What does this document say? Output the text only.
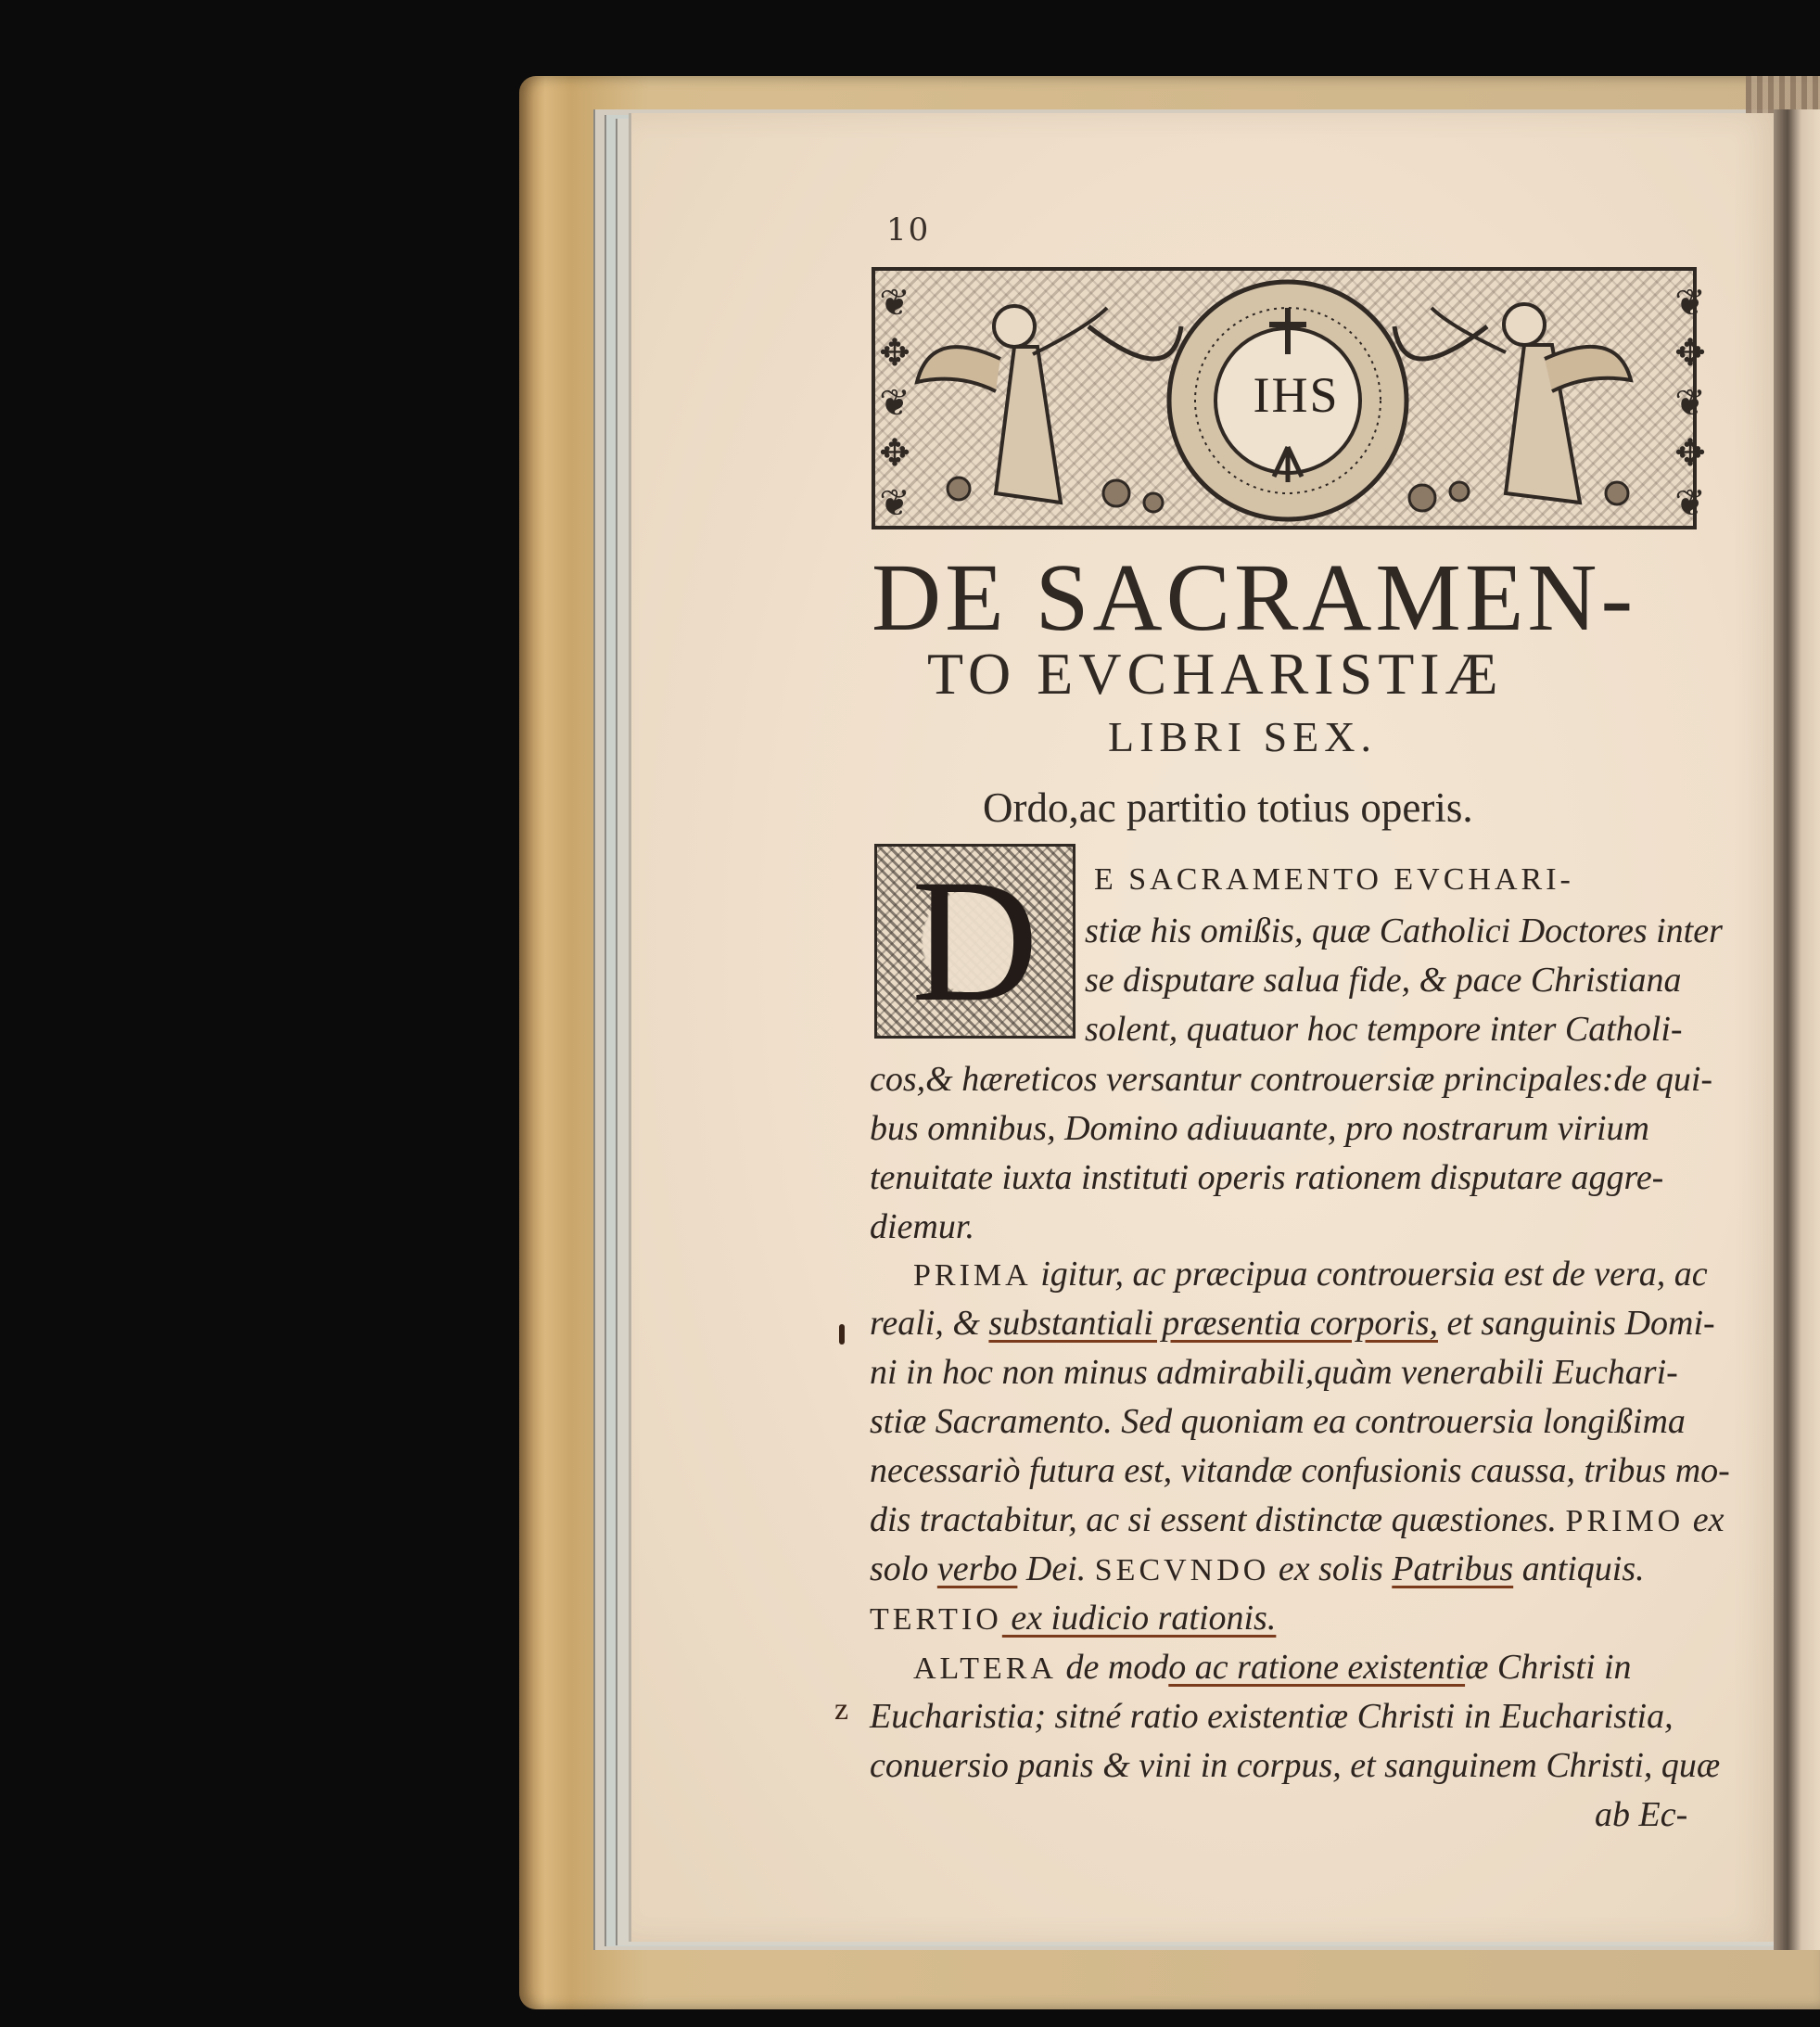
10
IHS
❦
✥
❦
✥
❦
❦
✥
❦
✥
❦
DE SACRAMEN-
TO EVCHARISTIÆ
LIBRI SEX.
Ordo,ac partitio totius operis.
D	E SACRAMENTO EVCHARI-
stiæ his omißis, quæ Catholici Doctores inter
se disputare salua fide, & pace Christiana
solent, quatuor hoc tempore inter Catholi-
cos,& hæreticos versantur controuersiæ principales:de qui-
bus omnibus, Domino adiuuante, pro nostrarum virium
tenuitate iuxta instituti operis rationem disputare aggre-
diemur.
PRIMA igitur, ac præcipua controuersia est de vera, ac
reali, & substantiali præsentia corporis, et sanguinis Domi-
ni in hoc non minus admirabili,quàm venerabili Euchari-
stiæ Sacramento. Sed quoniam ea controuersia longißima
necessariò futura est, vitandæ confusionis caussa, tribus mo-
dis tractabitur, ac si essent distinctæ quæstiones. PRIMO ex
solo verbo Dei. SECVNDO ex solis Patribus antiquis.
TERTIO ex iudicio rationis.
ALTERA de modo ac ratione existentiæ Christi in
Eucharistia; sitné ratio existentiæ Christi in Eucharistia,
conuersio panis & vini in corpus, et sanguinem Christi, quæ
ab Ec-
z
